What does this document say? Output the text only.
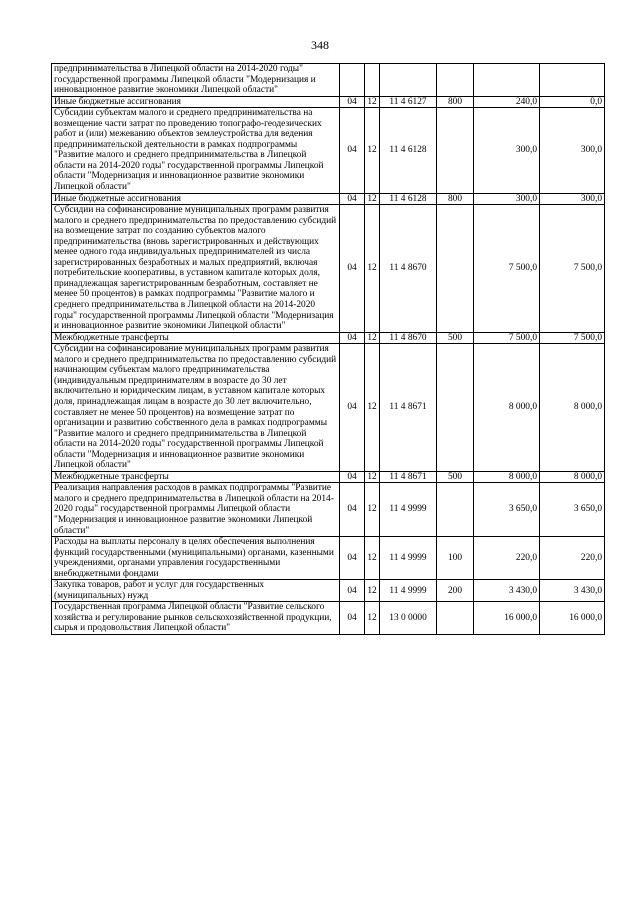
348
предпринимательства в Липецкой области на 2014-2020 годы" государственной программы Липецкой области "Модернизация и инновационное развитие экономики Липецкой области"						
Иные бюджетные ассигнования	04	12	11 4 6127	800	240,0	0,0
Субсидии субъектам малого и среднего предпринимательства на возмещение части затрат по проведению топографо-геодезических работ и (или) межеванию объектов землеустройства для ведения предпринимательской деятельности в рамках подпрограммы "Развитие малого и среднего предпринимательства в Липецкой области на 2014-2020 годы" государственной программы Липецкой области "Модернизация и инновационное развитие экономики Липецкой области"	04	12	11 4 6128		300,0	300,0
Иные бюджетные ассигнования	04	12	11 4 6128	800	300,0	300,0
Субсидии на софинансирование муниципальных программ развития малого и среднего предпринимательства по предоставлению субсидий на возмещение затрат по созданию субъектов малого предпринимательства (вновь зарегистрированных и действующих менее одного года индивидуальных предпринимателей из числа зарегистрированных безработных и малых предприятий, включая потребительские кооперативы, в уставном капитале которых доля, принадлежащая зарегистрированным безработным, составляет не менее 50 процентов) в рамках подпрограммы "Развитие малого и среднего предпринимательства в Липецкой области на 2014-2020 годы" государственной программы Липецкой области "Модернизация и инновационное развитие экономики Липецкой области"	04	12	11 4 8670		7 500,0	7 500,0
Межбюджетные трансферты	04	12	11 4 8670	500	7 500,0	7 500,0
Субсидии на софинансирование муниципальных программ развития малого и среднего предпринимательства по предоставлению субсидий начинающим субъектам малого предпринимательства (индивидуальным предпринимателям в возрасте до 30 лет включительно и юридическим лицам, в уставном капитале которых доля, принадлежащая лицам в возрасте до 30 лет включительно, составляет не менее 50 процентов) на возмещение затрат по организации и развитию собственного дела в рамках подпрограммы "Развитие малого и среднего предпринимательства в Липецкой области на 2014-2020 годы" государственной программы Липецкой области "Модернизация и инновационное развитие экономики Липецкой области"	04	12	11 4 8671		8 000,0	8 000,0
Межбюджетные трансферты	04	12	11 4 8671	500	8 000,0	8 000,0
Реализация направления расходов в рамках подпрограммы "Развитие малого и среднего предпринимательства в Липецкой области на 2014-2020 годы" государственной программы Липецкой области "Модернизация и инновационное развитие экономики Липецкой области"	04	12	11 4 9999		3 650,0	3 650,0
Расходы на выплаты персоналу в целях обеспечения выполнения функций государственными (муниципальными) органами, казенными учреждениями, органами управления государственными внебюджетными фондами	04	12	11 4 9999	100	220,0	220,0
Закупка товаров, работ и услуг для государственных (муниципальных) нужд	04	12	11 4 9999	200	3 430,0	3 430,0
Государственная программа Липецкой области "Развитие сельского хозяйства и регулирование рынков сельскохозяйственной продукции, сырья и продовольствия Липецкой области"	04	12	13 0 0000		16 000,0	16 000,0
